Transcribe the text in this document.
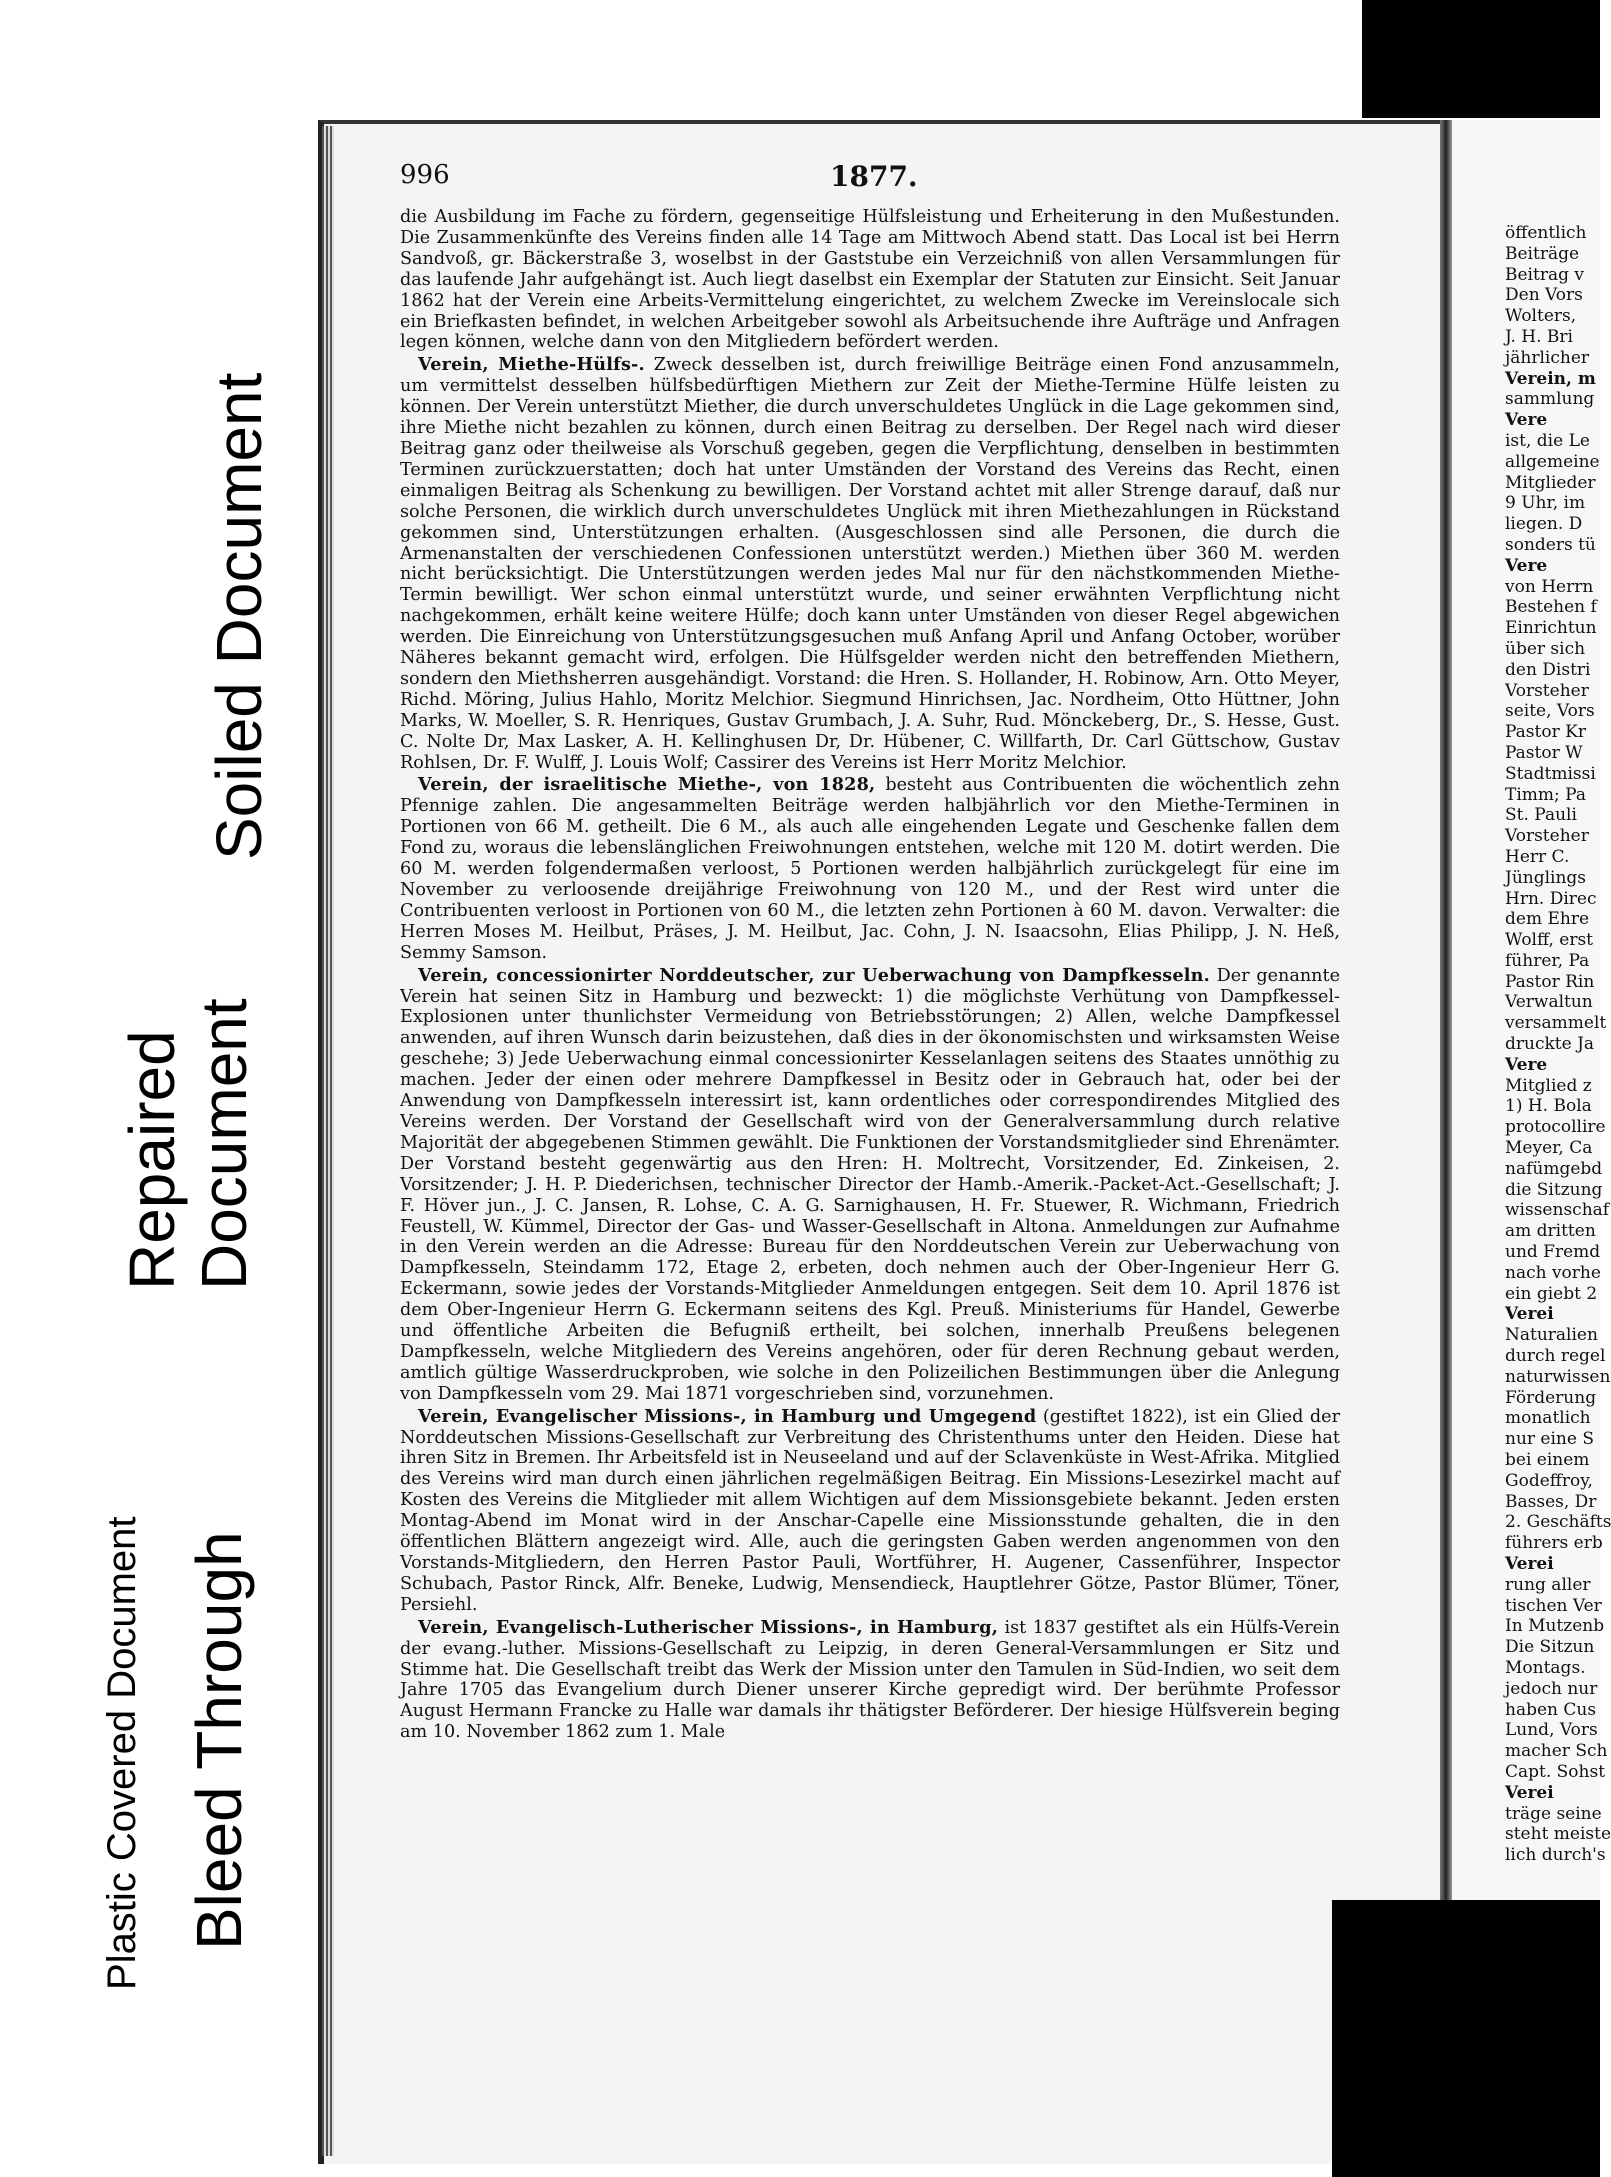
Plastic Covered Document Bleed Through
Repaired Document
Soiled Document
öffentlich
Beiträge
Beitrag v
Den Vors
Wolters,
J. H. Bri
jährlicher
Verein, m
sammlung
Vere
ist, die Le
allgemeine
Mitglieder
9 Uhr, im
liegen. D
sonders tü
Vere
von Herrn
Bestehen f
Einrichtun
über sich
den Distri
Vorsteher
seite, Vors
Pastor Kr
Pastor W
Stadtmissi
Timm; Pa
St. Pauli
Vorsteher
Herr C.
Jünglings
Hrn. Direc
dem Ehre
Wolff, erst
führer, Pa
Pastor Rin
Verwaltun
versammelt
druckte Ja
Vere
Mitglied z
1) H. Bola
protocollire
Meyer, Ca
nafümgebd
die Sitzung
wissenschaf
am dritten
und Fremd
nach vorhe
ein giebt 2
Verei
Naturalien
durch regel
naturwissen
Förderung
monatlich
nur eine S
bei einem
Godeffroy,
Basses, Dr
2. Geschäfts
führers erb
Verei
rung aller
tischen Ver
In Mutzenb
Die Sitzun
Montags.
jedoch nur
haben Cus
Lund, Vors
macher Sch
Capt. Sohst
Verei
träge seine
steht meiste
lich durch's
996	1877.

die Ausbildung im Fache zu fördern, gegenseitige Hülfsleistung und Erheiterung in den Mußestunden. Die Zusammenkünfte des Vereins finden alle 14 Tage am Mittwoch Abend statt. Das Local ist bei Herrn Sandvoß, gr. Bäckerstraße 3, woselbst in der Gaststube ein Verzeichniß von allen Versammlungen für das laufende Jahr aufgehängt ist. Auch liegt daselbst ein Exemplar der Statuten zur Einsicht. Seit Januar 1862 hat der Verein eine Arbeits-Vermittelung eingerichtet, zu welchem Zwecke im Vereinslocale sich ein Briefkasten befindet, in welchen Arbeitgeber sowohl als Arbeitsuchende ihre Aufträge und Anfragen legen können, welche dann von den Mitgliedern befördert werden.

Verein, Miethe-Hülfs-. Zweck desselben ist, durch freiwillige Beiträge einen Fond anzusammeln, um vermittelst desselben hülfsbedürftigen Miethern zur Zeit der Miethe-Termine Hülfe leisten zu können. Der Verein unterstützt Miether, die durch unverschuldetes Unglück in die Lage gekommen sind, ihre Miethe nicht bezahlen zu können, durch einen Beitrag zu derselben. Der Regel nach wird dieser Beitrag ganz oder theilweise als Vorschuß gegeben, gegen die Verpflichtung, denselben in bestimmten Terminen zurückzuerstatten; doch hat unter Umständen der Vorstand des Vereins das Recht, einen einmaligen Beitrag als Schenkung zu bewilligen. Der Vorstand achtet mit aller Strenge darauf, daß nur solche Personen, die wirklich durch unverschuldetes Unglück mit ihren Miethezahlungen in Rückstand gekommen sind, Unterstützungen erhalten. (Ausgeschlossen sind alle Personen, die durch die Armenanstalten der verschiedenen Confessionen unterstützt werden.) Miethen über 360 M. werden nicht berücksichtigt. Die Unterstützungen werden jedes Mal nur für den nächstkommenden Miethe-Termin bewilligt. Wer schon einmal unterstützt wurde, und seiner erwähnten Verpflichtung nicht nachgekommen, erhält keine weitere Hülfe; doch kann unter Umständen von dieser Regel abgewichen werden. Die Einreichung von Unterstützungsgesuchen muß Anfang April und Anfang October, worüber Näheres bekannt gemacht wird, erfolgen. Die Hülfsgelder werden nicht den betreffenden Miethern, sondern den Miethsherren ausgehändigt. Vorstand: die Hren. S. Hollander, H. Robinow, Arn. Otto Meyer, Richd. Möring, Julius Hahlo, Moritz Melchior. Siegmund Hinrichsen, Jac. Nordheim, Otto Hüttner, John Marks, W. Moeller, S. R. Henriques, Gustav Grumbach, J. A. Suhr, Rud. Mönckeberg, Dr., S. Hesse, Gust. C. Nolte Dr, Max Lasker, A. H. Kellinghusen Dr, Dr. Hübener, C. Willfarth, Dr. Carl Güttschow, Gustav Rohlsen, Dr. F. Wulff, J. Louis Wolf; Cassirer des Vereins ist Herr Moritz Melchior.

Verein, der israelitische Miethe-, von 1828, besteht aus Contribuenten die wöchentlich zehn Pfennige zahlen. Die angesammelten Beiträge werden halbjährlich vor den Miethe-Terminen in Portionen von 66 M. getheilt. Die 6 M., als auch alle eingehenden Legate und Geschenke fallen dem Fond zu, woraus die lebenslänglichen Freiwohnungen entstehen, welche mit 120 M. dotirt werden. Die 60 M. werden folgendermaßen verloost, 5 Portionen werden halbjährlich zurückgelegt für eine im November zu verloosende dreijährige Freiwohnung von 120 M., und der Rest wird unter die Contribuenten verloost in Portionen von 60 M., die letzten zehn Portionen à 60 M. davon. Verwalter: die Herren Moses M. Heilbut, Präses, J. M. Heilbut, Jac. Cohn, J. N. Isaacsohn, Elias Philipp, J. N. Heß, Semmy Samson.

Verein, concessionirter Norddeutscher, zur Ueberwachung von Dampfkesseln. Der genannte Verein hat seinen Sitz in Hamburg und bezweckt: 1) die möglichste Verhütung von Dampfkessel-Explosionen unter thunlichster Vermeidung von Betriebsstörungen; 2) Allen, welche Dampfkessel anwenden, auf ihren Wunsch darin beizustehen, daß dies in der ökonomischsten und wirksamsten Weise geschehe; 3) Jede Ueberwachung einmal concessionirter Kesselanlagen seitens des Staates unnöthig zu machen. Jeder der einen oder mehrere Dampfkessel in Besitz oder in Gebrauch hat, oder bei der Anwendung von Dampfkesseln interessirt ist, kann ordentliches oder correspondirendes Mitglied des Vereins werden. Der Vorstand der Gesellschaft wird von der Generalversammlung durch relative Majorität der abgegebenen Stimmen gewählt. Die Funktionen der Vorstandsmitglieder sind Ehrenämter. Der Vorstand besteht gegenwärtig aus den Hren: H. Moltrecht, Vorsitzender, Ed. Zinkeisen, 2. Vorsitzender; J. H. P. Diederichsen, technischer Director der Hamb.-Amerik.-Packet-Act.-Gesellschaft; J. F. Höver jun., J. C. Jansen, R. Lohse, C. A. G. Sarnighausen, H. Fr. Stuewer, R. Wichmann, Friedrich Feustell, W. Kümmel, Director der Gas- und Wasser-Gesellschaft in Altona. Anmeldungen zur Aufnahme in den Verein werden an die Adresse: Bureau für den Norddeutschen Verein zur Ueberwachung von Dampfkesseln, Steindamm 172, Etage 2, erbeten, doch nehmen auch der Ober-Ingenieur Herr G. Eckermann, sowie jedes der Vorstands-Mitglieder Anmeldungen entgegen. Seit dem 10. April 1876 ist dem Ober-Ingenieur Herrn G. Eckermann seitens des Kgl. Preuß. Ministeriums für Handel, Gewerbe und öffentliche Arbeiten die Befugniß ertheilt, bei solchen, innerhalb Preußens belegenen Dampfkesseln, welche Mitgliedern des Vereins angehören, oder für deren Rechnung gebaut werden, amtlich gültige Wasserdruckproben, wie solche in den Polizeilichen Bestimmungen über die Anlegung von Dampfkesseln vom 29. Mai 1871 vorgeschrieben sind, vorzunehmen.

Verein, Evangelischer Missions-, in Hamburg und Umgegend (gestiftet 1822), ist ein Glied der Norddeutschen Missions-Gesellschaft zur Verbreitung des Christenthums unter den Heiden. Diese hat ihren Sitz in Bremen. Ihr Arbeitsfeld ist in Neuseeland und auf der Sclavenküste in West-Afrika. Mitglied des Vereins wird man durch einen jährlichen regelmäßigen Beitrag. Ein Missions-Lesezirkel macht auf Kosten des Vereins die Mitglieder mit allem Wichtigen auf dem Missionsgebiete bekannt. Jeden ersten Montag-Abend im Monat wird in der Anschar-Capelle eine Missionsstunde gehalten, die in den öffentlichen Blättern angezeigt wird. Alle, auch die geringsten Gaben werden angenommen von den Vorstands-Mitgliedern, den Herren Pastor Pauli, Wortführer, H. Augener, Cassenführer, Inspector Schubach, Pastor Rinck, Alfr. Beneke, Ludwig, Mensendieck, Hauptlehrer Götze, Pastor Blümer, Töner, Persiehl.

Verein, Evangelisch-Lutherischer Missions-, in Hamburg, ist 1837 gestiftet als ein Hülfs-Verein der evang.-luther. Missions-Gesellschaft zu Leipzig, in deren General-Versammlungen er Sitz und Stimme hat. Die Gesellschaft treibt das Werk der Mission unter den Tamulen in Süd-Indien, wo seit dem Jahre 1705 das Evangelium durch Diener unserer Kirche gepredigt wird. Der berühmte Professor August Hermann Francke zu Halle war damals ihr thätigster Beförderer. Der hiesige Hülfsverein beging am 10. November 1862 zum 1. Male
